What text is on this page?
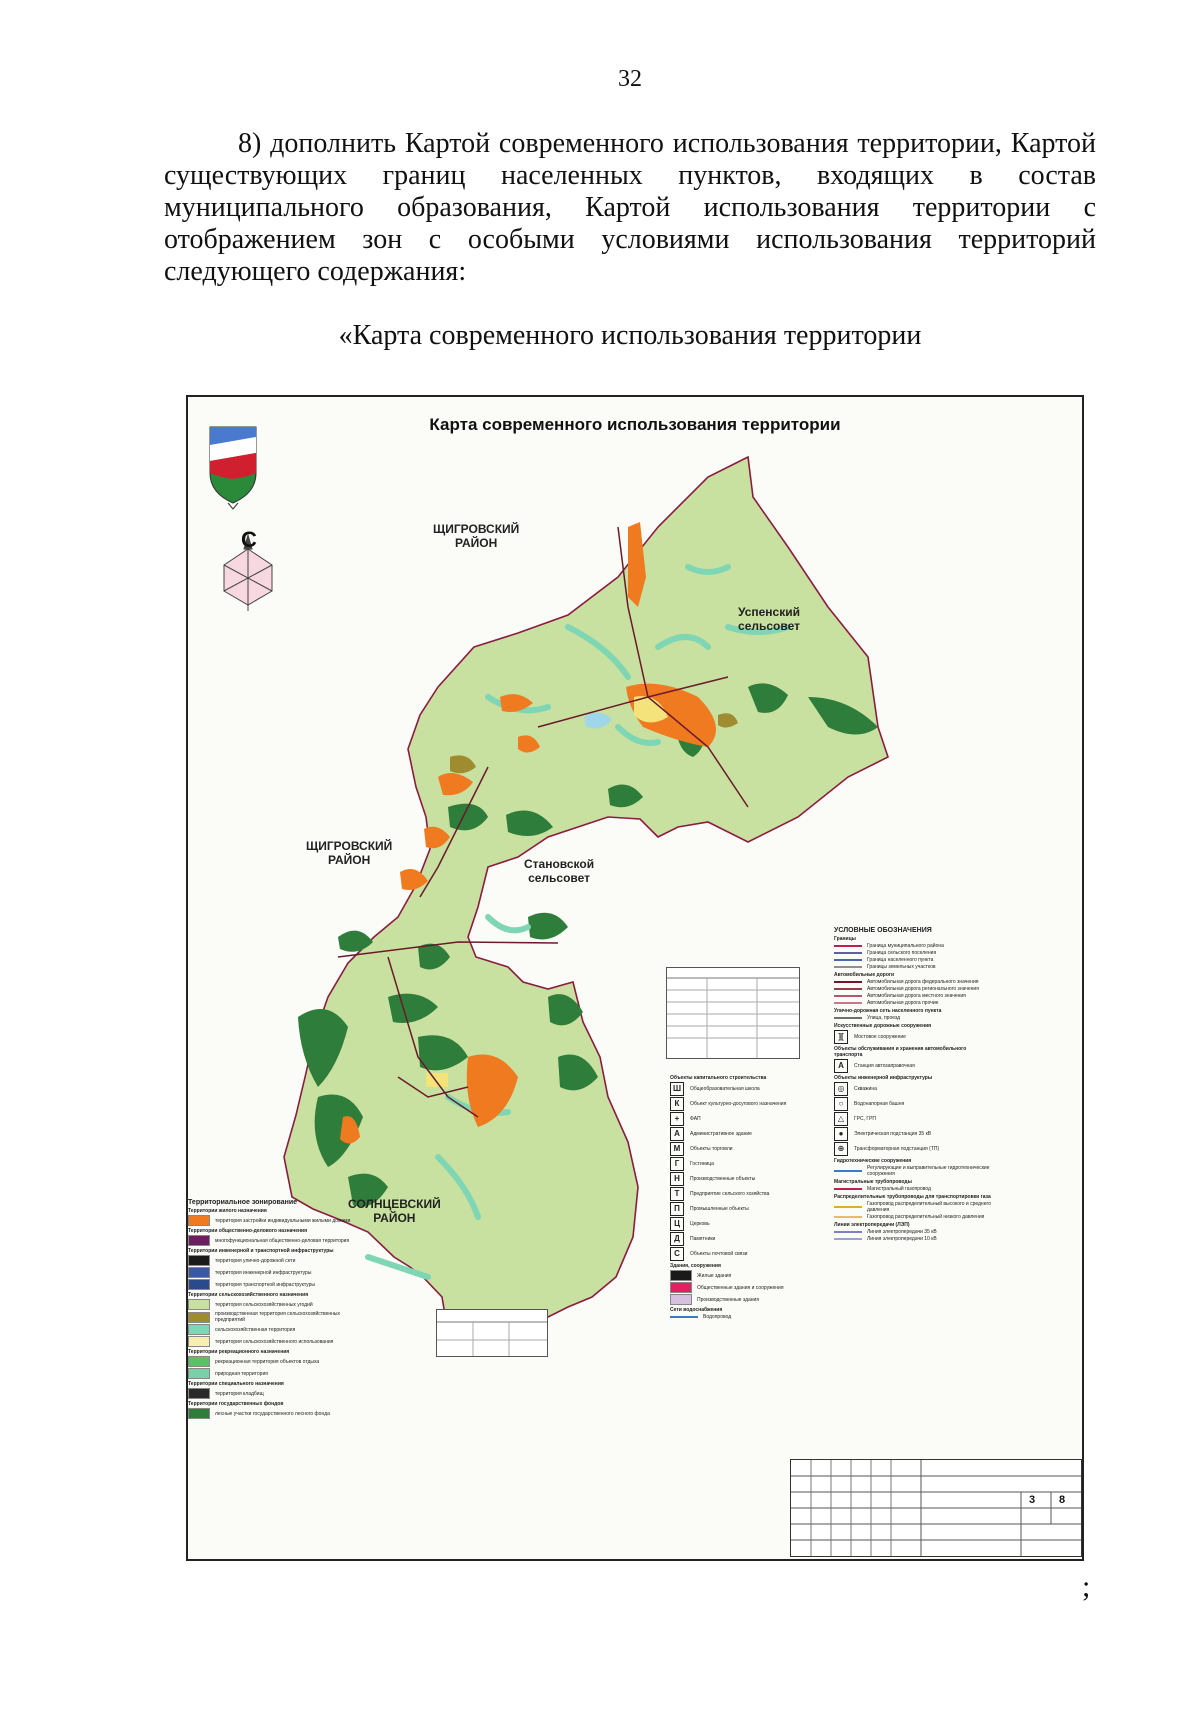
32
8) дополнить Картой современного использования территории, Картой существующих границ населенных пунктов, входящих в состав муниципального образования, Картой использования территории с отображением зон с особыми условиями использования территорий следующего содержания:
«Карта современного использования территории
Карта современного использования территории
С	ЩИГРОВСКИЙ
РАЙОН
Успенский
сельсовет
ЩИГРОВСКИЙ
РАЙОН	Становской
сельсовет
СОЛНЦЕВСКИЙ
РАЙОН
Территориальное зонирование
Территории жилого назначения
территория застройки индивидуальными жилыми домами
Территории общественно-делового назначения
многофункциональная общественно-деловая территория
Территории инженерной и транспортной инфраструктуры
территория улично-дорожной сети
территория инженерной инфраструктуры
территория транспортной инфраструктуры
Территории сельскохозяйственного назначения
территория сельскохозяйственных угодий
производственная территория сельскохозяйственных предприятий
сельскохозяйственная территория
территория сельскохозяйственного использования
Территории рекреационного назначения
рекреационная территория объектов отдыха
природная территория
Территории специального назначения
территория кладбищ
Территории государственных фондов
лесные участки государственного лесного фонда
Объекты капитального строительства
Ш	Общеобразовательная школа
К	Объект культурно-досугового назначения
+	ФАП
А	Административное здание
М	Объекты торговли
Г	Гостиница
Н	Производственные объекты
Т	Предприятие сельского хозяйства
П	Промышленные объекты
Ц	Церковь
Д	Памятники
С	Объекты почтовой связи
Здания, сооружения
Жилые здания
Общественные здания и сооружения
Производственные здания
Сети водоснабжения
Водопровод
УСЛОВНЫЕ ОБОЗНАЧЕНИЯ
Границы
Граница муниципального района
Граница сельского поселения
Граница населенного пункта
Границы земельных участков
Автомобильные дороги
Автомобильная дорога федерального значения
Автомобильная дорога регионального значения
Автомобильная дорога местного значения
Автомобильная дорога прочие
Улично-дорожная сеть населенного пункта
Улица, проезд
Искусственные дорожные сооружения
][	Мостовое сооружение
Объекты обслуживания и хранения автомобильного транспорта
А	Станция автозаправочная
Объекты инженерной инфраструктуры
◎	Скважина
○	Водонапорная башня
△	ГРС, ГРП
●	Электрическая подстанция 35 кВ
⊕	Трансформаторная подстанция (ТП)
Гидротехнические сооружения
Регулирующие и выправительные гидротехнические сооружения
Магистральные трубопроводы
Магистральный газопровод
Распределительные трубопроводы для транспортировки газа
Газопровод распределительный высокого и среднего давления
Газопровод распределительный низкого давления
Линии электропередачи (ЛЭП)
Линия электропередачи 35 кВ
Линия электропередачи 10 кВ
3 8
;
